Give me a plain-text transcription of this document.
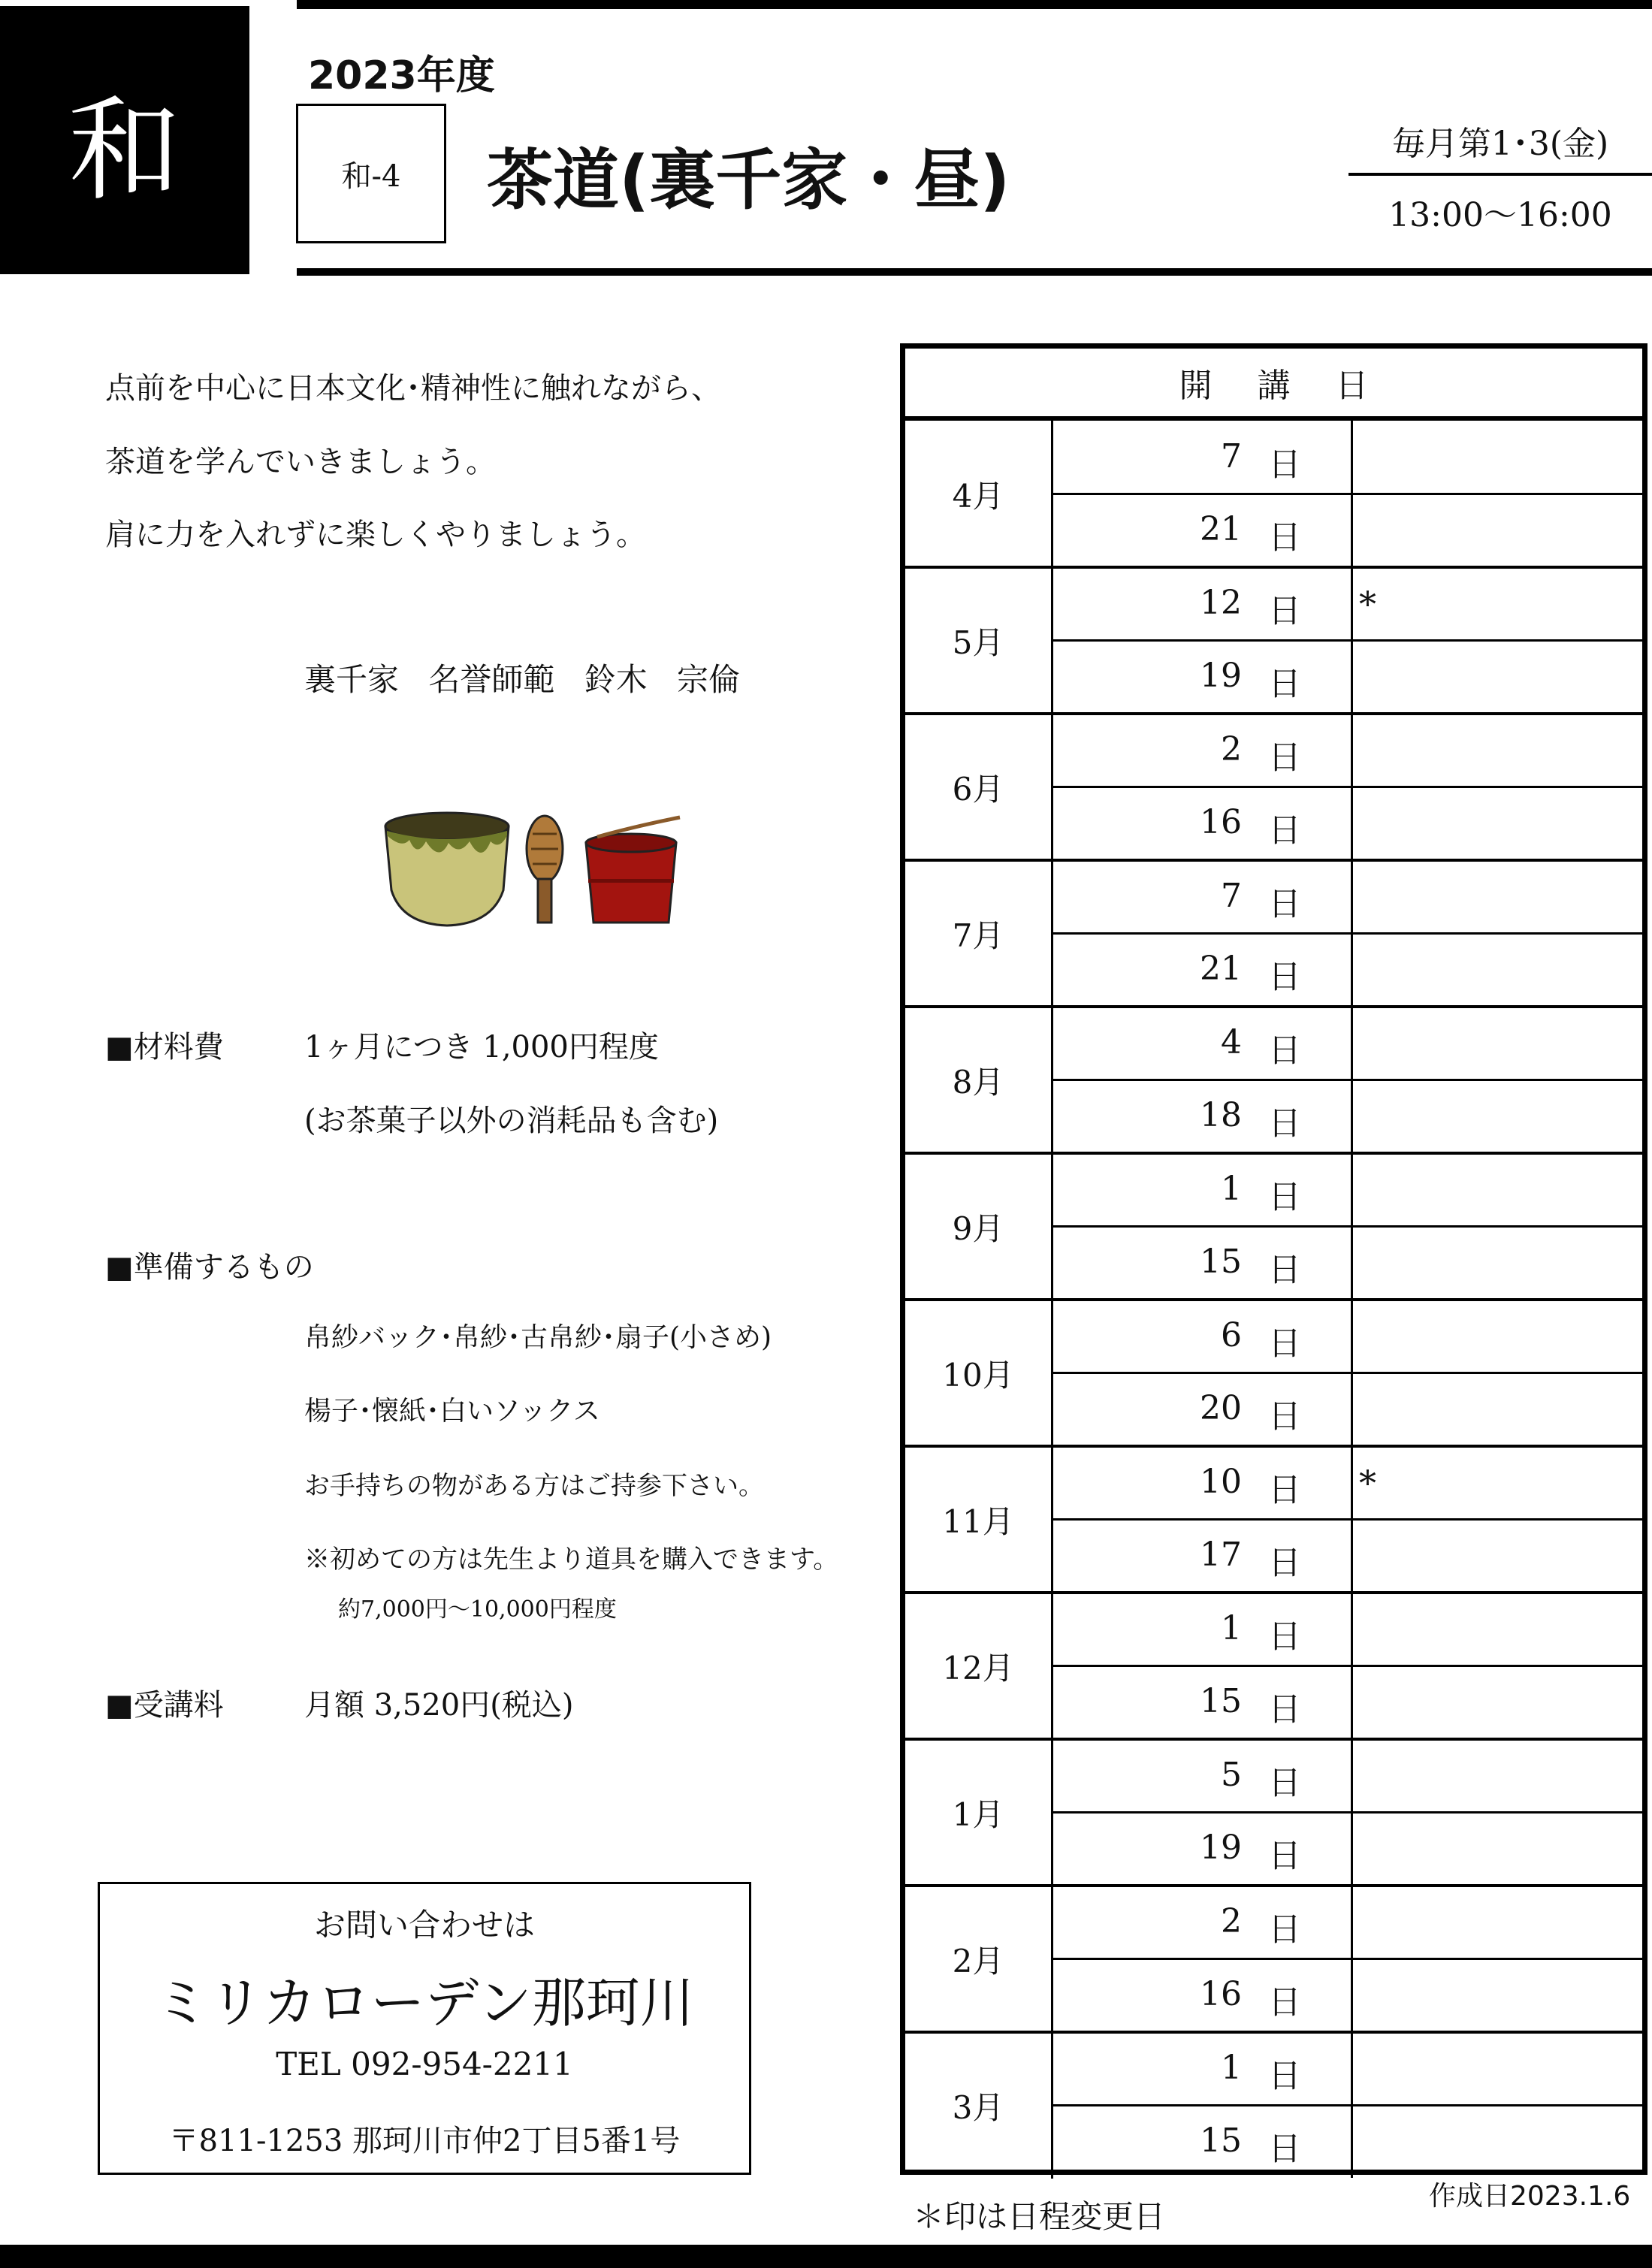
和
2023年度
和-4 茶道(裏千家・昼)	毎月第1･3(金)
13:00～16:00
点前を中心に日本文化･精神性に触れながら、
茶道を学んでいきましょう。
肩に力を入れずに楽しくやりましょう。
裏千家 名誉師範 鈴木 宗倫
■材料費	1ヶ月につき 1,000円程度
(お茶菓子以外の消耗品も含む)
■準備するもの
帛紗バック･帛紗･古帛紗･扇子(小さめ)
楊子･懐紙･白いソックス
お手持ちの物がある方はご持参下さい。
※初めての方は先生より道具を購入できます。
約7,000円～10,000円程度
■受講料	月額 3,520円(税込)
お問い合わせは
ミリカローデン那珂川
TEL 092-954-2211
〒811-1253 那珂川市仲2丁目5番1号
開講日
4月
7 日
21 日
5月
12 日 *
19 日
6月
2 日
16 日
7月
7 日
21 日
8月
4 日
18 日
9月
1 日
15 日
10月
6 日
20 日
11月
10 日 *
17 日
12月
1 日
15 日
1月
5 日
19 日
2月
2 日
16 日
3月
1 日
15 日
＊印は日程変更日
作成日2023.1.6
